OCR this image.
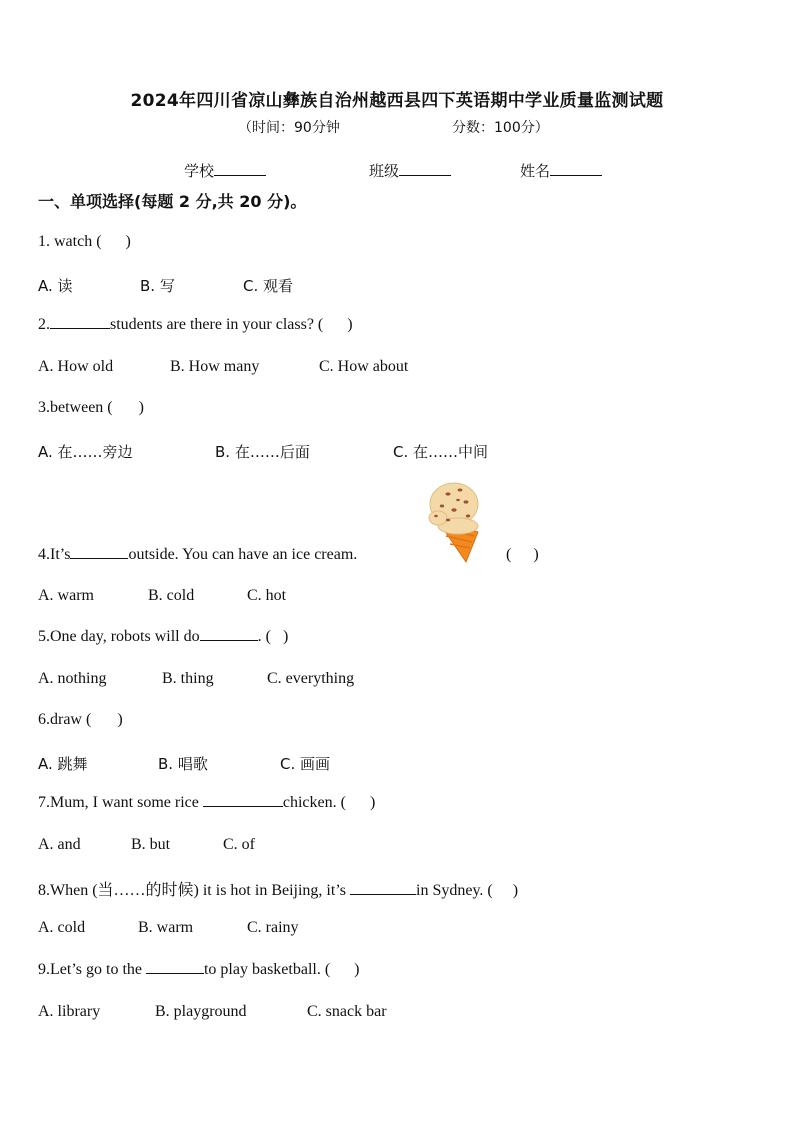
2024年四川省凉山彝族自治州越西县四下英语期中学业质量监测试题
（时间：90分钟	分数：100分）
学校	班级	姓名
一、单项选择(每题 2 分,共 20 分)。
1. watch ( )
A. 读	B. 写	C. 观看
2.	students are there in your class? ( )
A. How old	B. How many	C. How about
3.between ( )
A. 在……旁边	B. 在……后面	C. 在……中间
4.It’s	outside. You can have an ice cream.	( )
A. warm	B. cold	C. hot
5.One day, robots will do	. ( )
A. nothing	B. thing	C. everything
6.draw ( )
A. 跳舞	B. 唱歌	C. 画画
7.Mum, I want some rice	chicken. ( )
A. and	B. but	C. of
8.When (当……的时候) it is hot in Beijing, it’s	in Sydney. ( )
A. cold	B. warm	C. rainy
9.Let’s go to the	to play basketball. ( )
A. library	B. playground	C. snack bar
